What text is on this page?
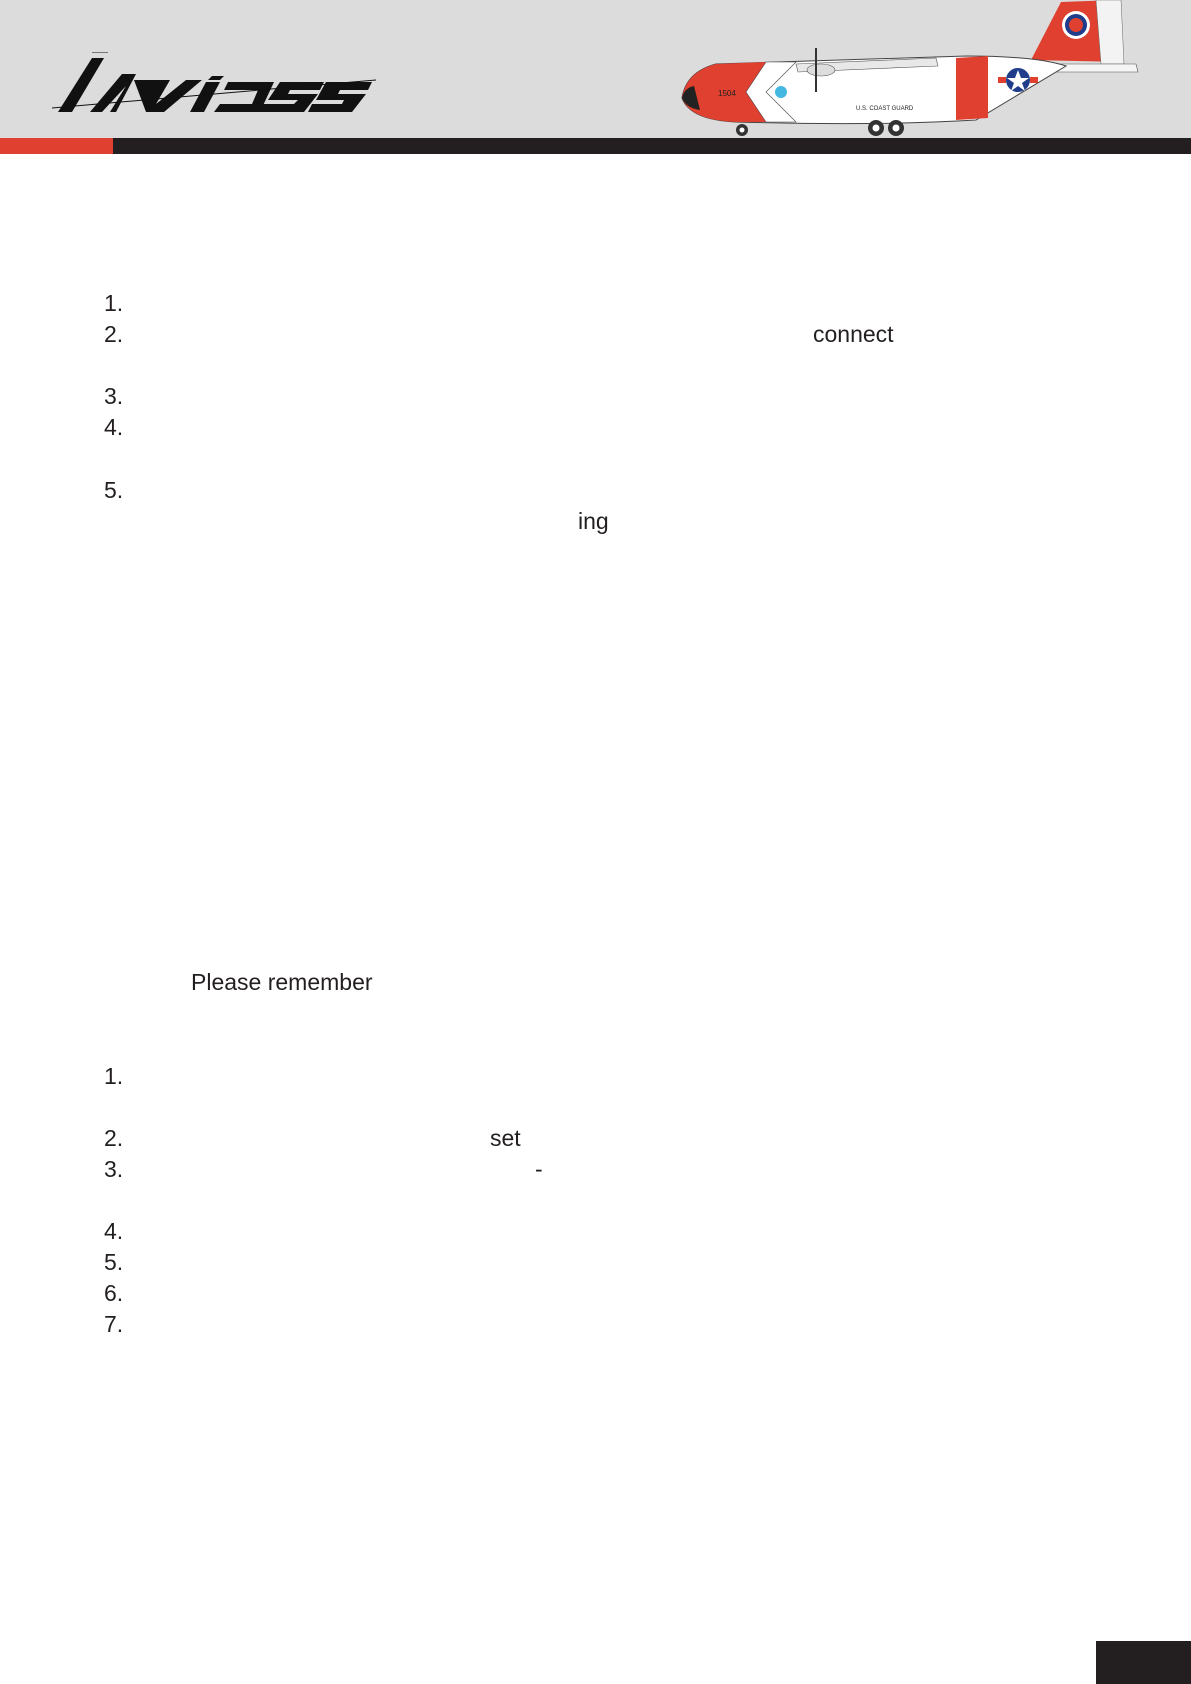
1504
U.S. COAST GUARD
1.
2.	connect
3.
4.
5.
ing
Please remember
1.
2.	set
3.	-
4.
5.
6.
7.
